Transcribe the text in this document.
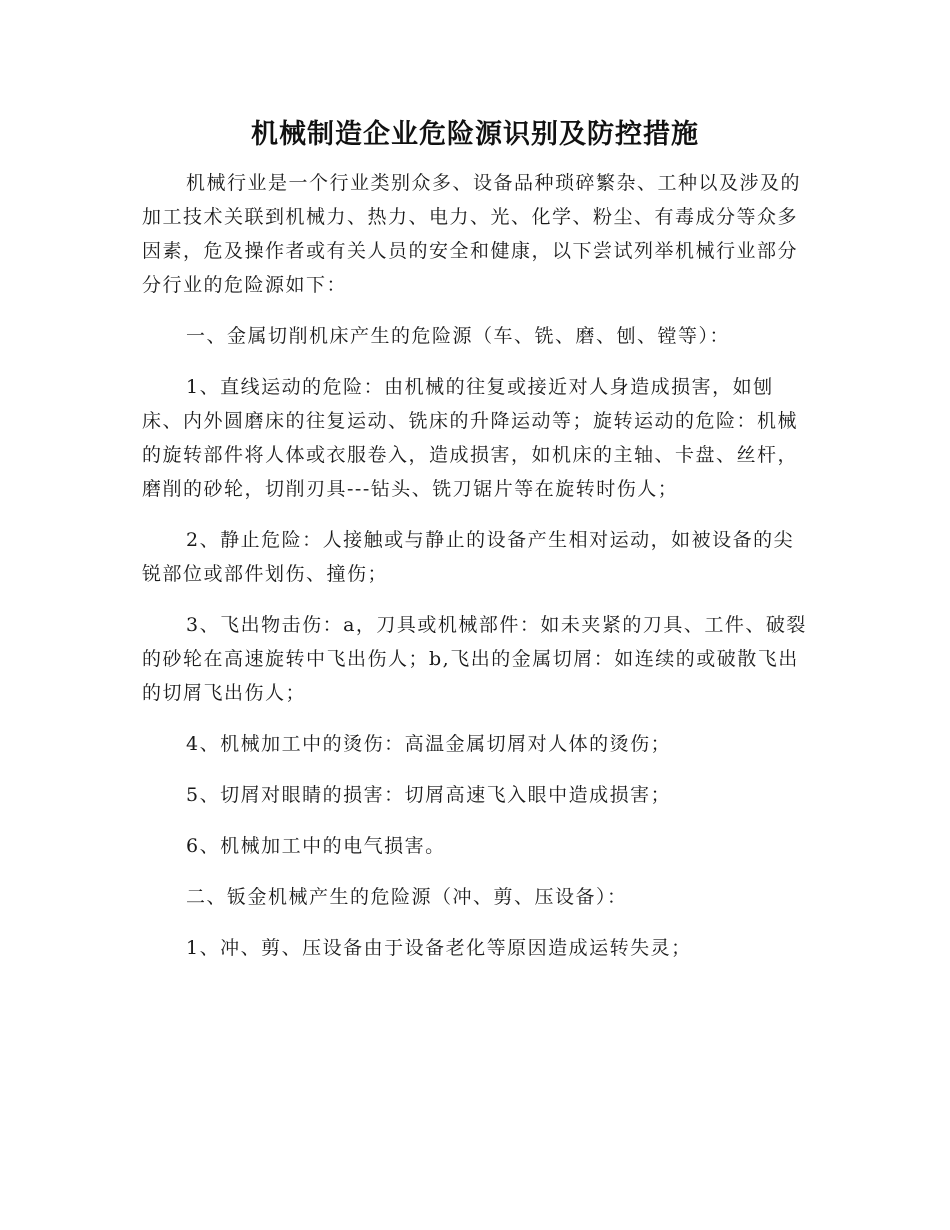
机械制造企业危险源识别及防控措施

机械行业是一个行业类别众多、设备品种琐碎繁杂、工种以及涉及的加工技术关联到机械力、热力、电力、光、化学、粉尘、有毒成分等众多因素，危及操作者或有关人员的安全和健康，以下尝试列举机械行业部分分行业的危险源如下：

一、金属切削机床产生的危险源（车、铣、磨、刨、镗等）：

1、直线运动的危险：由机械的往复或接近对人身造成损害，如刨床、内外圆磨床的往复运动、铣床的升降运动等；旋转运动的危险：机械的旋转部件将人体或衣服卷入，造成损害，如机床的主轴、卡盘、丝杆，磨削的砂轮，切削刃具---钻头、铣刀锯片等在旋转时伤人；

2、静止危险：人接触或与静止的设备产生相对运动，如被设备的尖锐部位或部件划伤、撞伤；

3、飞出物击伤：a，刀具或机械部件：如未夹紧的刀具、工件、破裂的砂轮在高速旋转中飞出伤人；b,飞出的金属切屑：如连续的或破散飞出的切屑飞出伤人；

4、机械加工中的烫伤：高温金属切屑对人体的烫伤；

5、切屑对眼睛的损害：切屑高速飞入眼中造成损害；

6、机械加工中的电气损害。

二、钣金机械产生的危险源（冲、剪、压设备）：

1、冲、剪、压设备由于设备老化等原因造成运转失灵；
